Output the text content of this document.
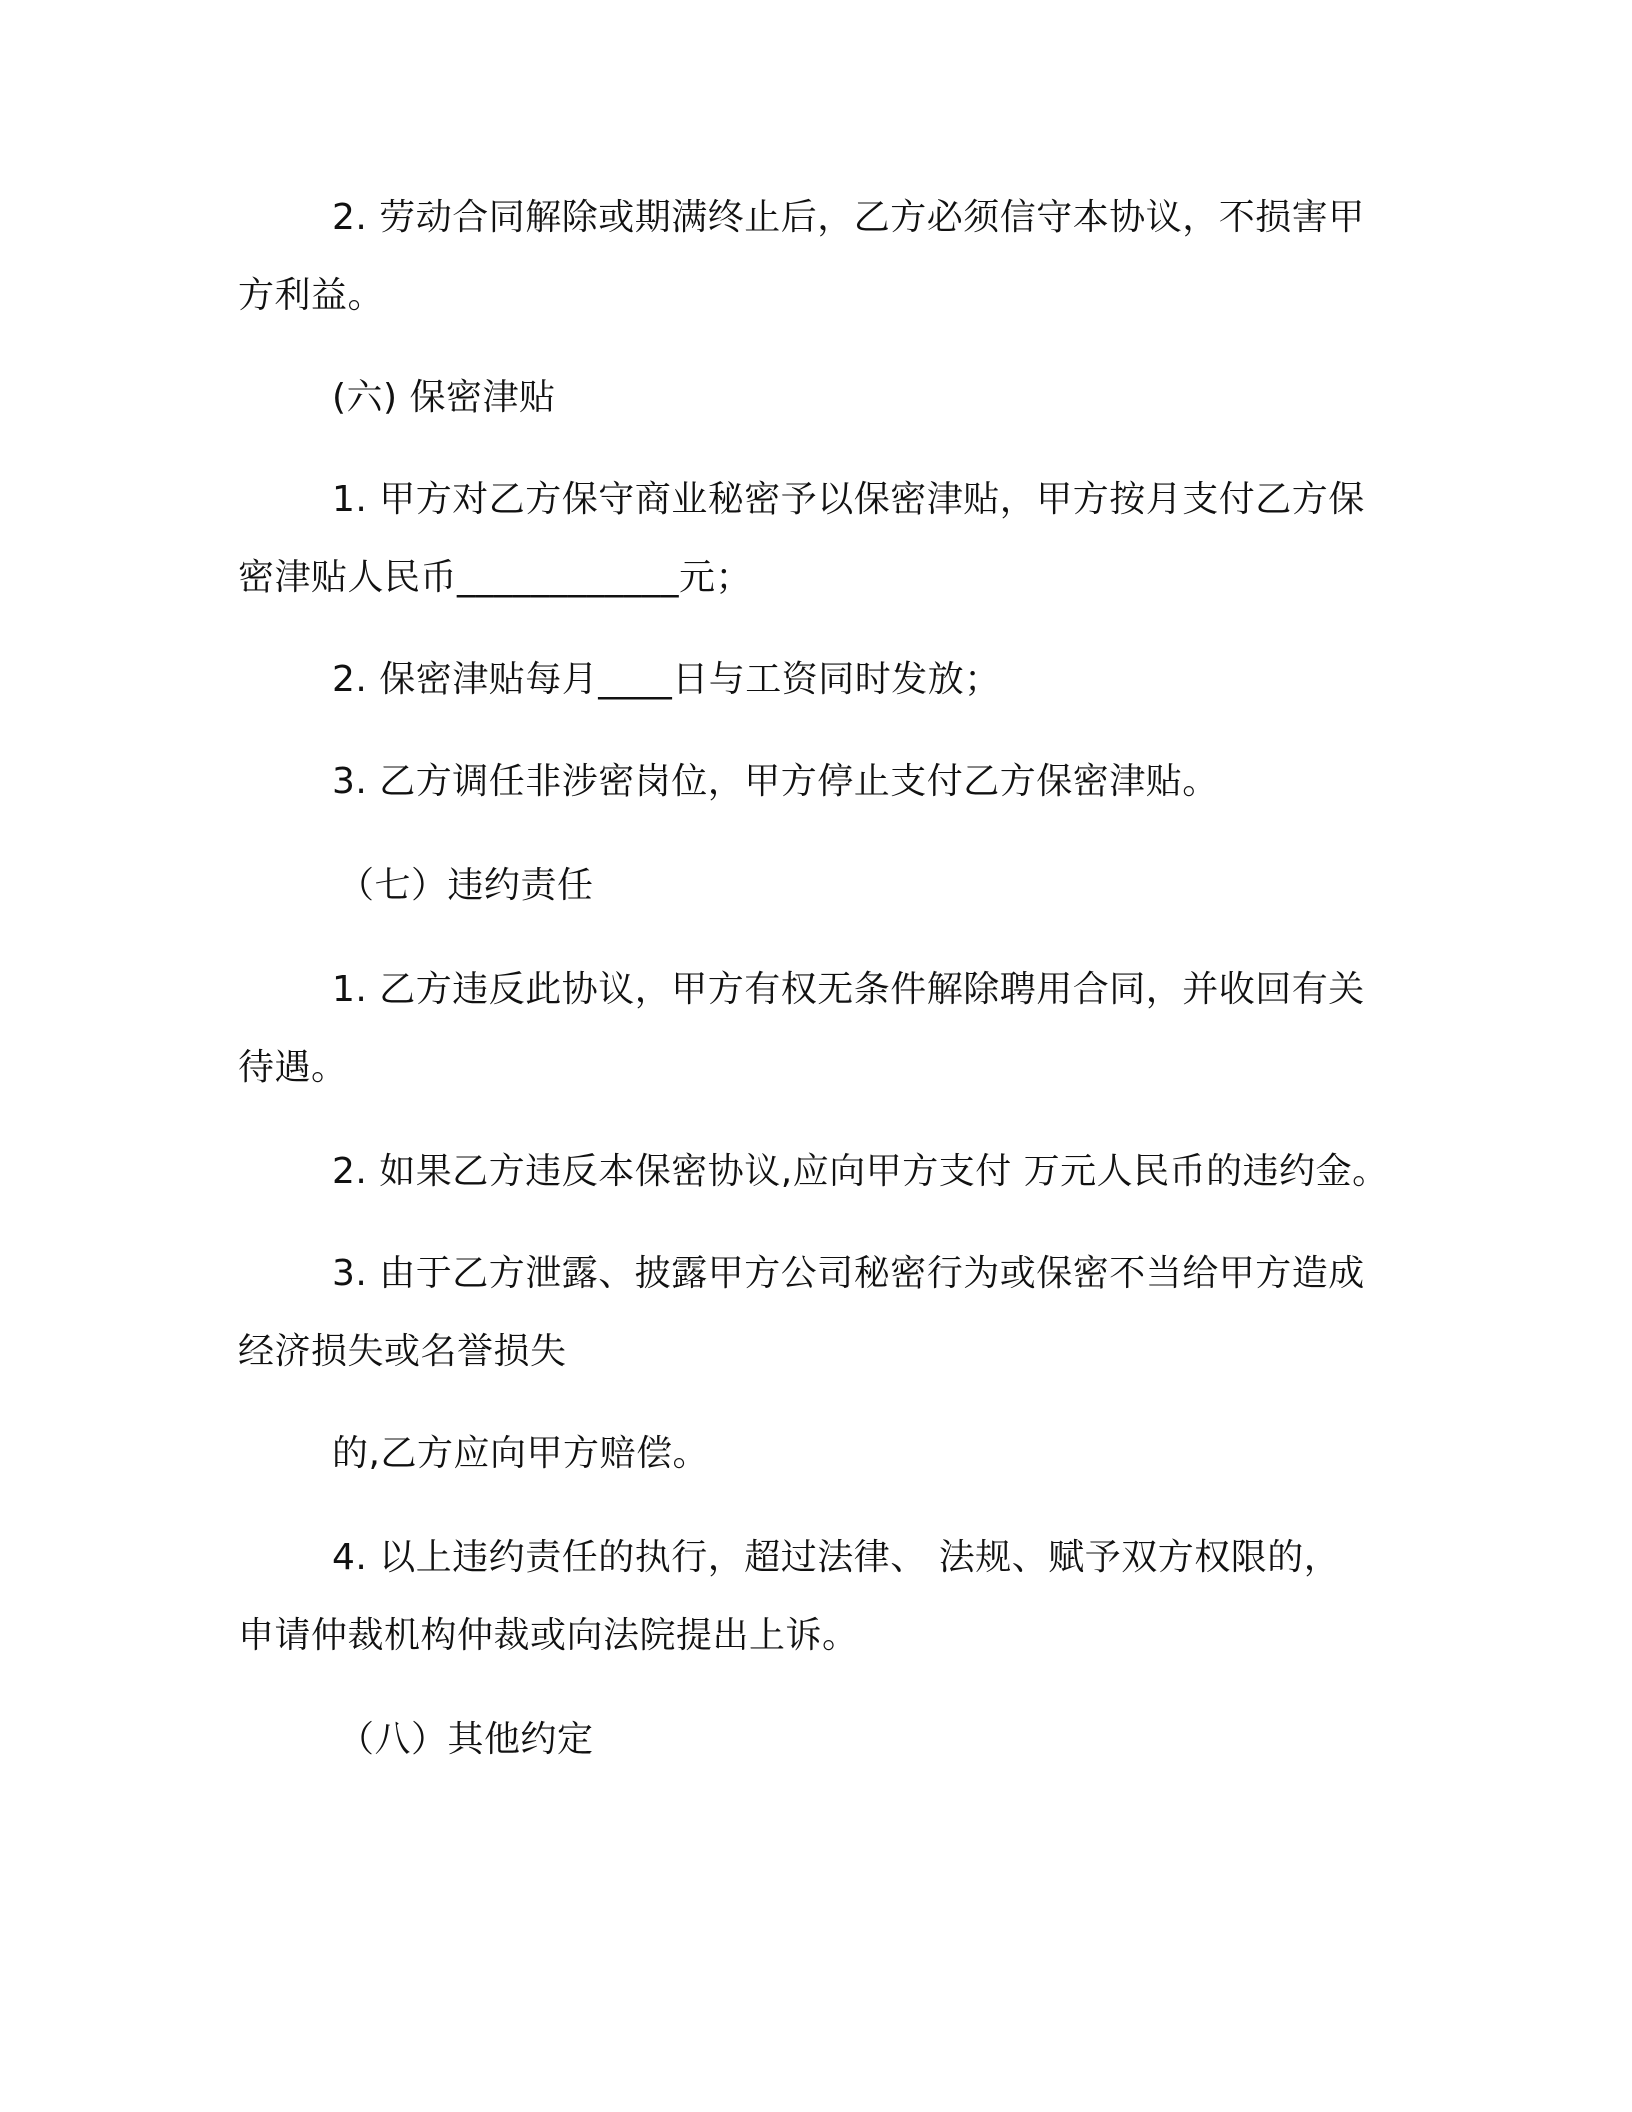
2. 劳动合同解除或期满终止后，乙方必须信守本协议，不损害甲
方利益。
(六) 保密津贴
1. 甲方对乙方保守商业秘密予以保密津贴，甲方按月支付乙方保
密津贴人民币____________元；
2. 保密津贴每月____日与工资同时发放；
3. 乙方调任非涉密岗位，甲方停止支付乙方保密津贴。
（七）违约责任
1. 乙方违反此协议，甲方有权无条件解除聘用合同，并收回有关
待遇。
2. 如果乙方违反本保密协议,应向甲方支付 万元人民币的违约金。
3. 由于乙方泄露、披露甲方公司秘密行为或保密不当给甲方造成
经济损失或名誉损失
的,乙方应向甲方赔偿。
4. 以上违约责任的执行，超过法律、 法规、赋予双方权限的，
申请仲裁机构仲裁或向法院提出上诉。
（八）其他约定
